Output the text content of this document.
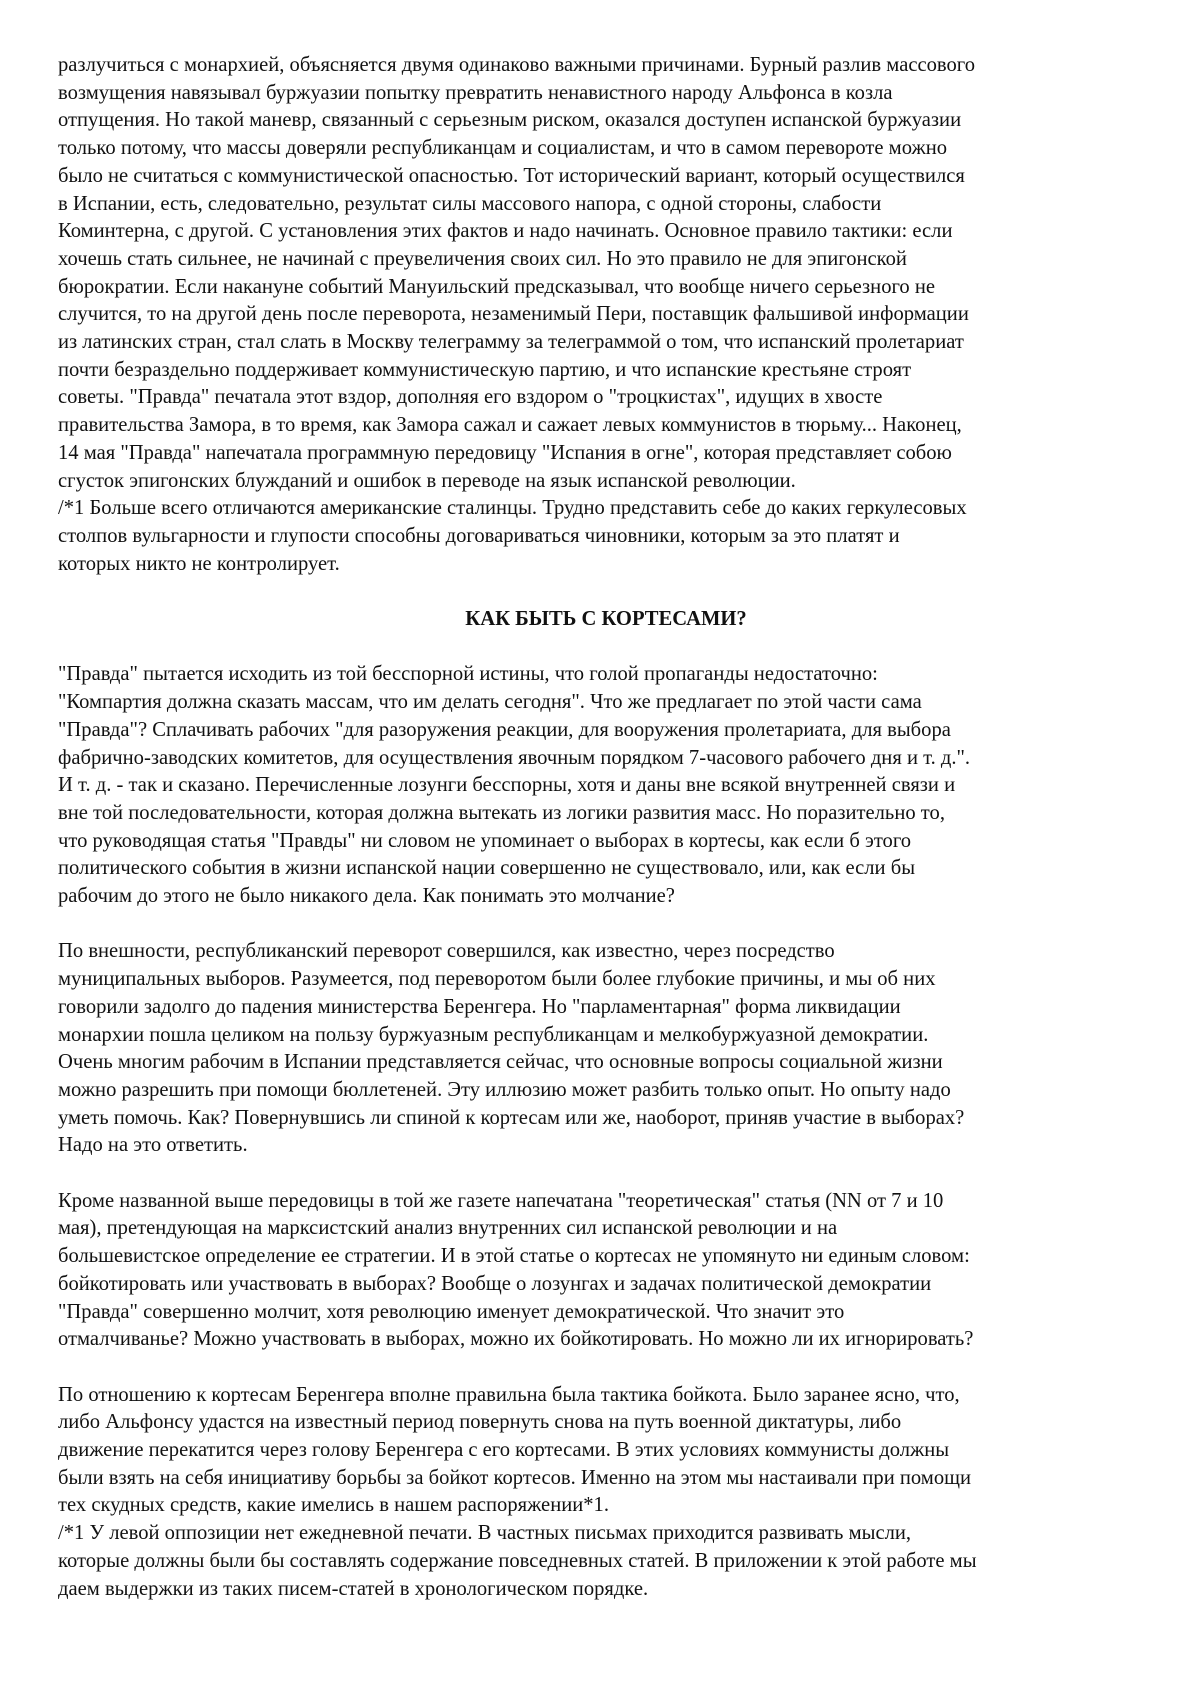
разлучиться с монархией, объясняется двумя одинаково важными причинами. Бурный разлив массового
возмущения навязывал буржуазии попытку превратить ненавистного народу Альфонса в козла
отпущения. Но такой маневр, связанный с серьезным риском, оказался доступен испанской буржуазии
только потому, что массы доверяли республиканцам и социалистам, и что в самом перевороте можно
было не считаться с коммунистической опасностью. Тот исторический вариант, который осуществился
в Испании, есть, следовательно, результат силы массового напора, с одной стороны, слабости
Коминтерна, с другой. С установления этих фактов и надо начинать. Основное правило тактики: если
хочешь стать сильнее, не начинай с преувеличения своих сил. Но это правило не для эпигонской
бюрократии. Если накануне событий Мануильский предсказывал, что вообще ничего серьезного не
случится, то на другой день после переворота, незаменимый Пери, поставщик фальшивой информации
из латинских стран, стал слать в Москву телеграмму за телеграммой о том, что испанский пролетариат
почти безраздельно поддерживает коммунистическую партию, и что испанские крестьяне строят
советы. "Правда" печатала этот вздор, дополняя его вздором о "троцкистах", идущих в хвосте
правительства Замора, в то время, как Замора сажал и сажает левых коммунистов в тюрьму... Наконец,
14 мая "Правда" напечатала программную передовицу "Испания в огне", которая представляет собою
сгусток эпигонских блужданий и ошибок в переводе на язык испанской революции.
/*1 Больше всего отличаются американские сталинцы. Трудно представить себе до каких геркулесовых
столпов вульгарности и глупости способны договариваться чиновники, которым за это платят и
которых никто не контролирует.
КАК БЫТЬ С КОРТЕСАМИ?
"Правда" пытается исходить из той бесспорной истины, что голой пропаганды недостаточно:
"Компартия должна сказать массам, что им делать сегодня". Что же предлагает по этой части сама
"Правда"? Сплачивать рабочих "для разоружения реакции, для вооружения пролетариата, для выбора
фабрично-заводских комитетов, для осуществления явочным порядком 7-часового рабочего дня и т. д.".
И т. д. - так и сказано. Перечисленные лозунги бесспорны, хотя и даны вне всякой внутренней связи и
вне той последовательности, которая должна вытекать из логики развития масс. Но поразительно то,
что руководящая статья "Правды" ни словом не упоминает о выборах в кортесы, как если б этого
политического события в жизни испанской нации совершенно не существовало, или, как если бы
рабочим до этого не было никакого дела. Как понимать это молчание?
По внешности, республиканский переворот совершился, как известно, через посредство
муниципальных выборов. Разумеется, под переворотом были более глубокие причины, и мы об них
говорили задолго до падения министерства Беренгера. Но "парламентарная" форма ликвидации
монархии пошла целиком на пользу буржуазным республиканцам и мелкобуржуазной демократии.
Очень многим рабочим в Испании представляется сейчас, что основные вопросы социальной жизни
можно разрешить при помощи бюллетеней. Эту иллюзию может разбить только опыт. Но опыту надо
уметь помочь. Как? Повернувшись ли спиной к кортесам или же, наоборот, приняв участие в выборах?
Надо на это ответить.
Кроме названной выше передовицы в той же газете напечатана "теоретическая" статья (NN от 7 и 10
мая), претендующая на марксистский анализ внутренних сил испанской революции и на
большевистское определение ее стратегии. И в этой статье о кортесах не упомянуто ни единым словом:
бойкотировать или участвовать в выборах? Вообще о лозунгах и задачах политической демократии
"Правда" совершенно молчит, хотя революцию именует демократической. Что значит это
отмалчиванье? Можно участвовать в выборах, можно их бойкотировать. Но можно ли их игнорировать?
По отношению к кортесам Беренгера вполне правильна была тактика бойкота. Было заранее ясно, что,
либо Альфонсу удастся на известный период повернуть снова на путь военной диктатуры, либо
движение перекатится через голову Беренгера с его кортесами. В этих условиях коммунисты должны
были взять на себя инициативу борьбы за бойкот кортесов. Именно на этом мы настаивали при помощи
тех скудных средств, какие имелись в нашем распоряжении*1.
/*1 У левой оппозиции нет ежедневной печати. В частных письмах приходится развивать мысли,
которые должны были бы составлять содержание повседневных статей. В приложении к этой работе мы
даем выдержки из таких писем-статей в хронологическом порядке.
